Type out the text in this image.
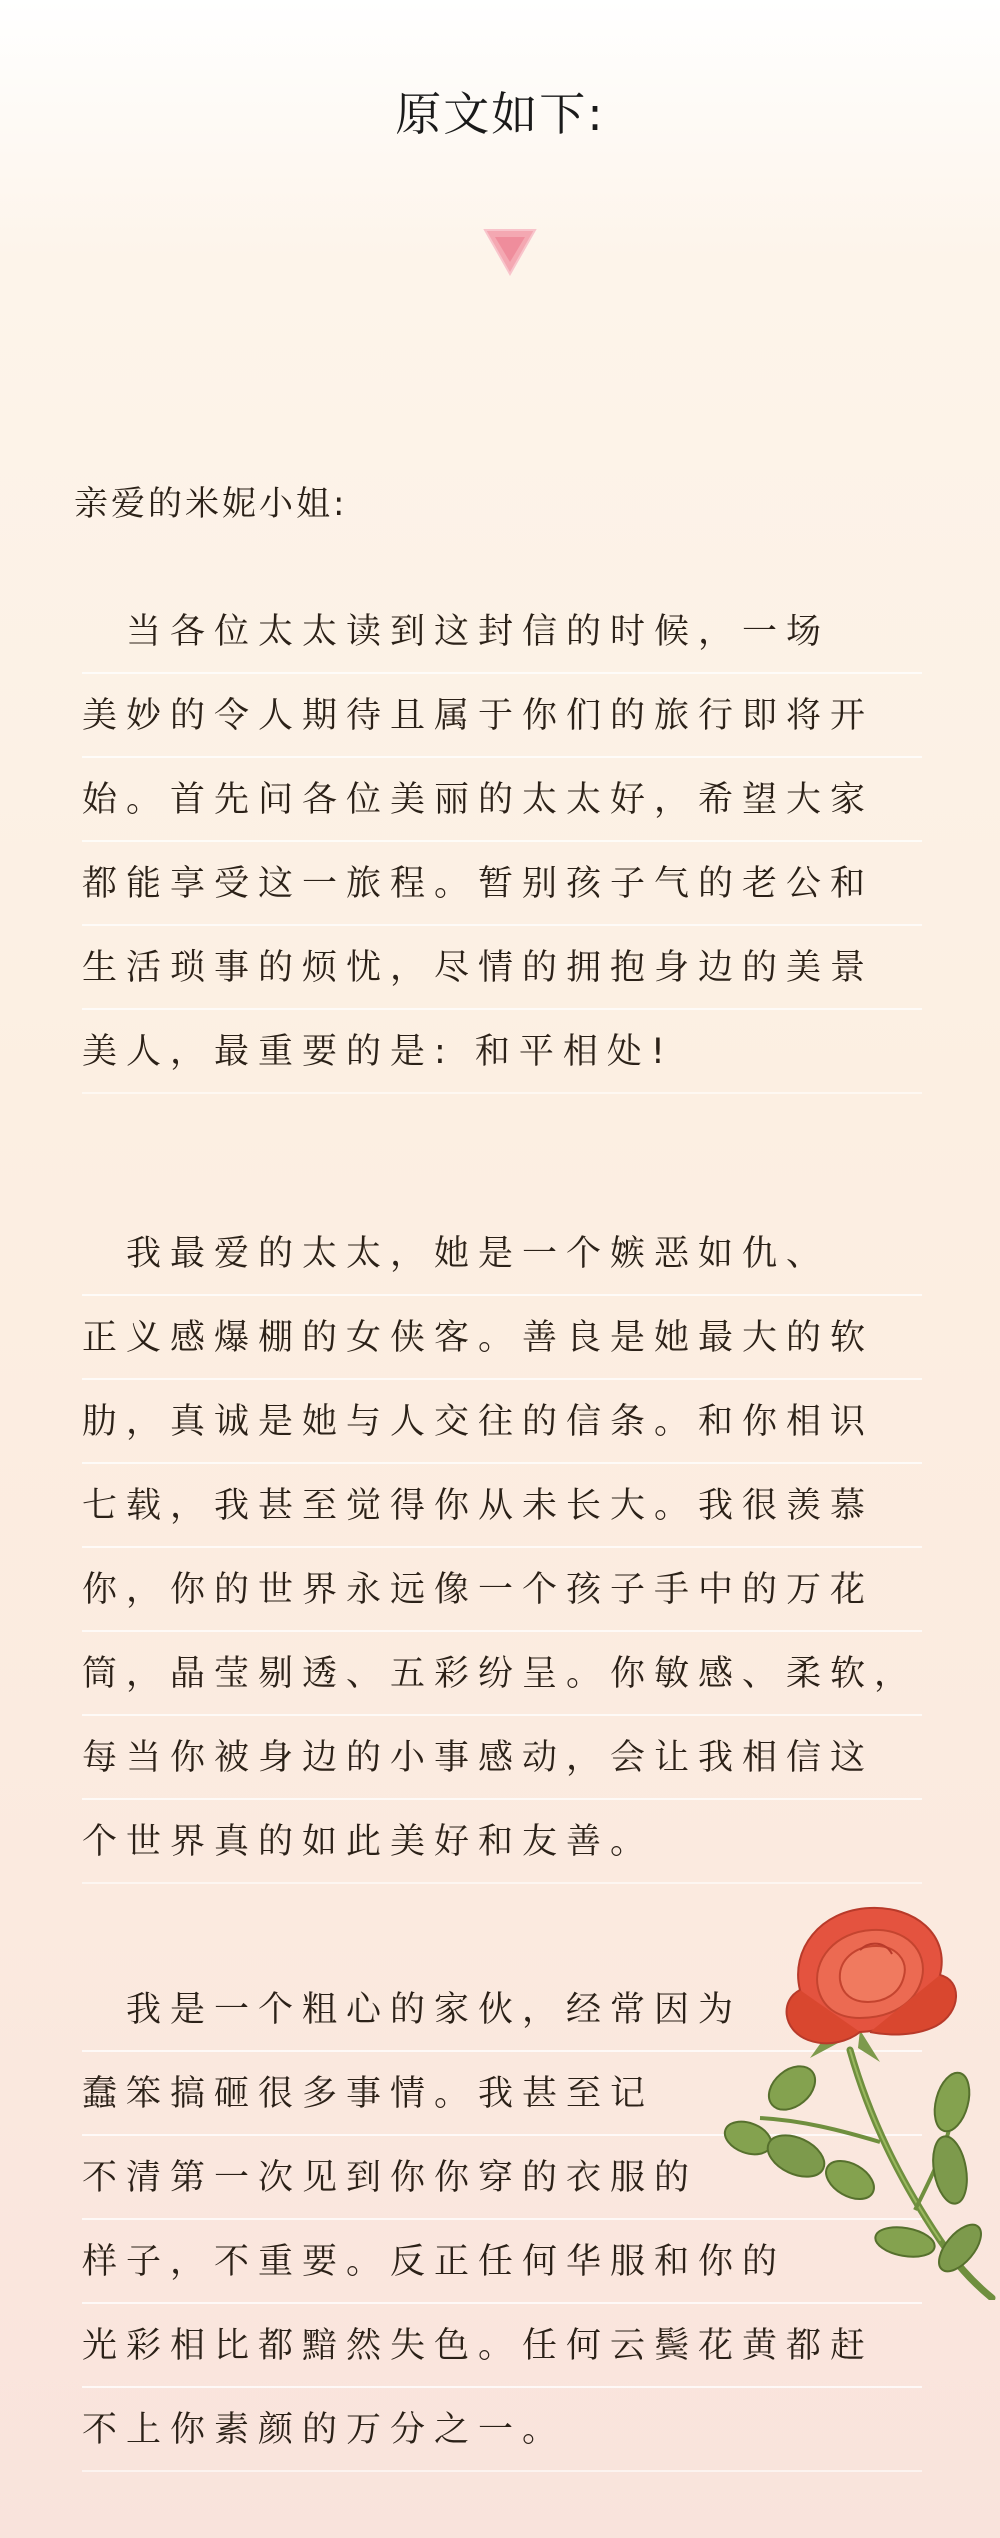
原文如下:
亲爱的米妮小姐:
　当各位太太读到这封信的时候，一场
美妙的令人期待且属于你们的旅行即将开
始。首先问各位美丽的太太好，希望大家
都能享受这一旅程。暂别孩子气的老公和
生活琐事的烦忧，尽情的拥抱身边的美景
美人，最重要的是: 和平相处!
　我最爱的太太，她是一个嫉恶如仇、
正义感爆棚的女侠客。善良是她最大的软
肋，真诚是她与人交往的信条。和你相识
七载，我甚至觉得你从未长大。我很羡慕
你，你的世界永远像一个孩子手中的万花
筒，晶莹剔透、五彩纷呈。你敏感、柔软，
每当你被身边的小事感动，会让我相信这
个世界真的如此美好和友善。
　我是一个粗心的家伙，经常因为
蠢笨搞砸很多事情。我甚至记
不清第一次见到你你穿的衣服的
样子，不重要。反正任何华服和你的
光彩相比都黯然失色。任何云鬓花黄都赶
不上你素颜的万分之一。
